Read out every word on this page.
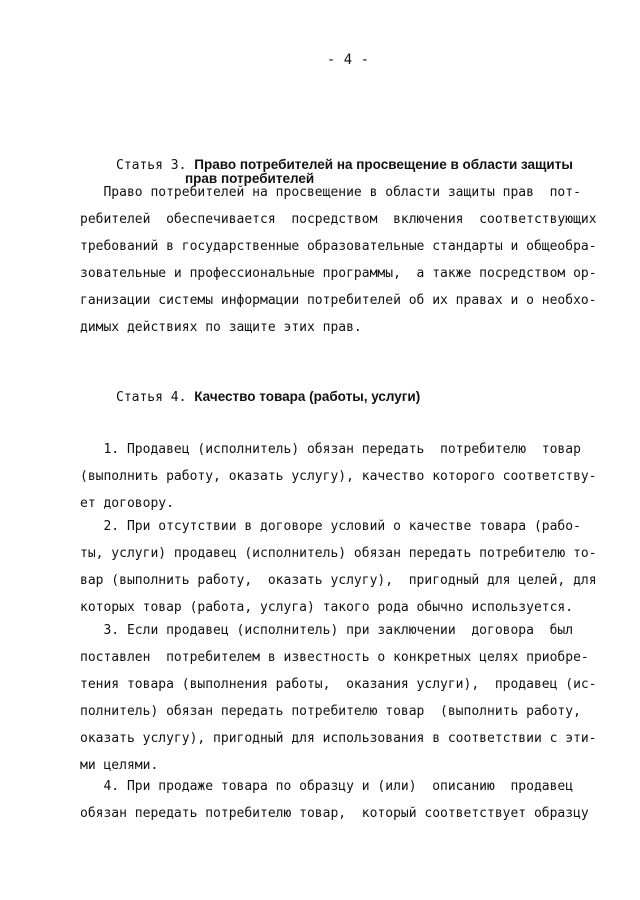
- 4 -
Статья 3. Право потребителей на просвещение в области защиты
прав потребителей
Право потребителей на просвещение в области защиты прав  пот-
ребителей  обеспечивается  посредством  включения  соответствующих
требований в государственные образовательные стандарты и общеобра-
зовательные и профессиональные программы,  а также посредством ор-
ганизации системы информации потребителей об их правах и о необхо-
димых действиях по защите этих прав.
Статья 4. Качество товара (работы, услуги)
1. Продавец (исполнитель) обязан передать  потребителю  товар
(выполнить работу, оказать услугу), качество которого соответству-
ет договору.
2. При отсутствии в договоре условий о качестве товара (рабо-
ты, услуги) продавец (исполнитель) обязан передать потребителю то-
вар (выполнить работу,  оказать услугу),  пригодный для целей, для
которых товар (работа, услуга) такого рода обычно используется.
3. Если продавец (исполнитель) при заключении  договора  был
поставлен  потребителем в известность о конкретных целях приобре-
тения товара (выполнения работы,  оказания услуги),  продавец (ис-
полнитель) обязан передать потребителю товар  (выполнить работу,
оказать услугу), пригодный для использования в соответствии с эти-
ми целями.
4. При продаже товара по образцу и (или)  описанию  продавец
обязан передать потребителю товар,  который соответствует образцу
